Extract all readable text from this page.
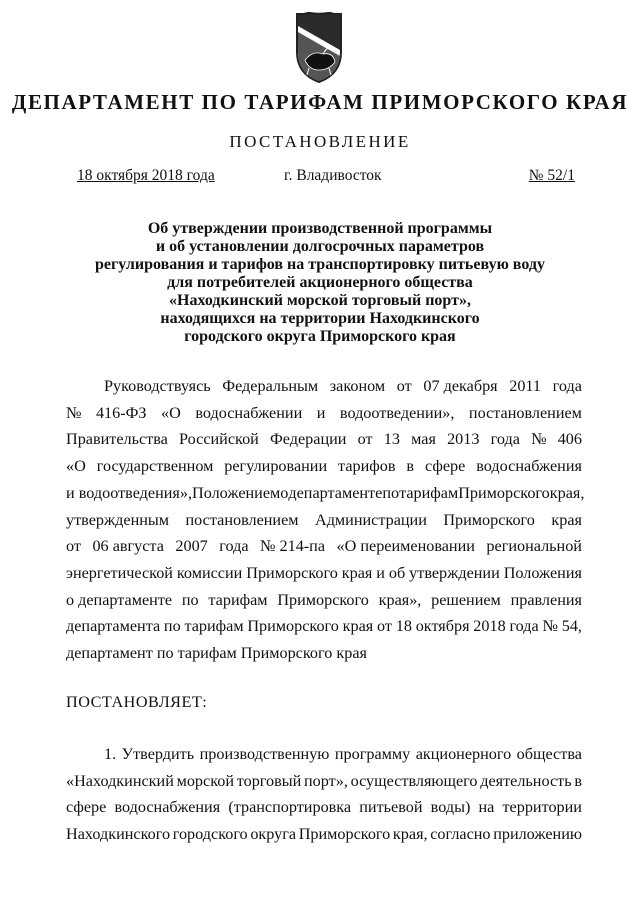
ДЕПАРТАМЕНТ ПО ТАРИФАМ ПРИМОРСКОГО КРАЯ
ПОСТАНОВЛЕНИЕ
18 октября 2018 года	г. Владивосток	№ 52/1
Об утверждении производственной программы
и об установлении долгосрочных параметров
регулирования и тарифов на транспортировку питьевую воду
для потребителей акционерного общества
«Находкинский морской торговый порт»,
находящихся на территории Находкинского
городского округа Приморского края
Руководствуясь Федеральным законом от 07 декабря 2011 года
№ 416-ФЗ «О водоснабжении и водоотведении», постановлением
Правительства Российской Федерации от 13 мая 2013 года № 406
«О государственном регулировании тарифов в сфере водоснабжения
и водоотведения», Положением о департаменте по тарифам Приморского края,
утвержденным постановлением Администрации Приморского края
от 06 августа 2007 года № 214-па «О переименовании региональной
энергетической комиссии Приморского края и об утверждении Положения
о департаменте по тарифам Приморского края», решением правления
департамента по тарифам Приморского края от 18 октября 2018 года № 54,
департамент по тарифам Приморского края
ПОСТАНОВЛЯЕТ:
1. Утвердить производственную программу акционерного общества
«Находкинский морской торговый порт», осуществляющего деятельность в
сфере водоснабжения (транспортировка питьевой воды) на территории
Находкинского городского округа Приморского края, согласно приложению
